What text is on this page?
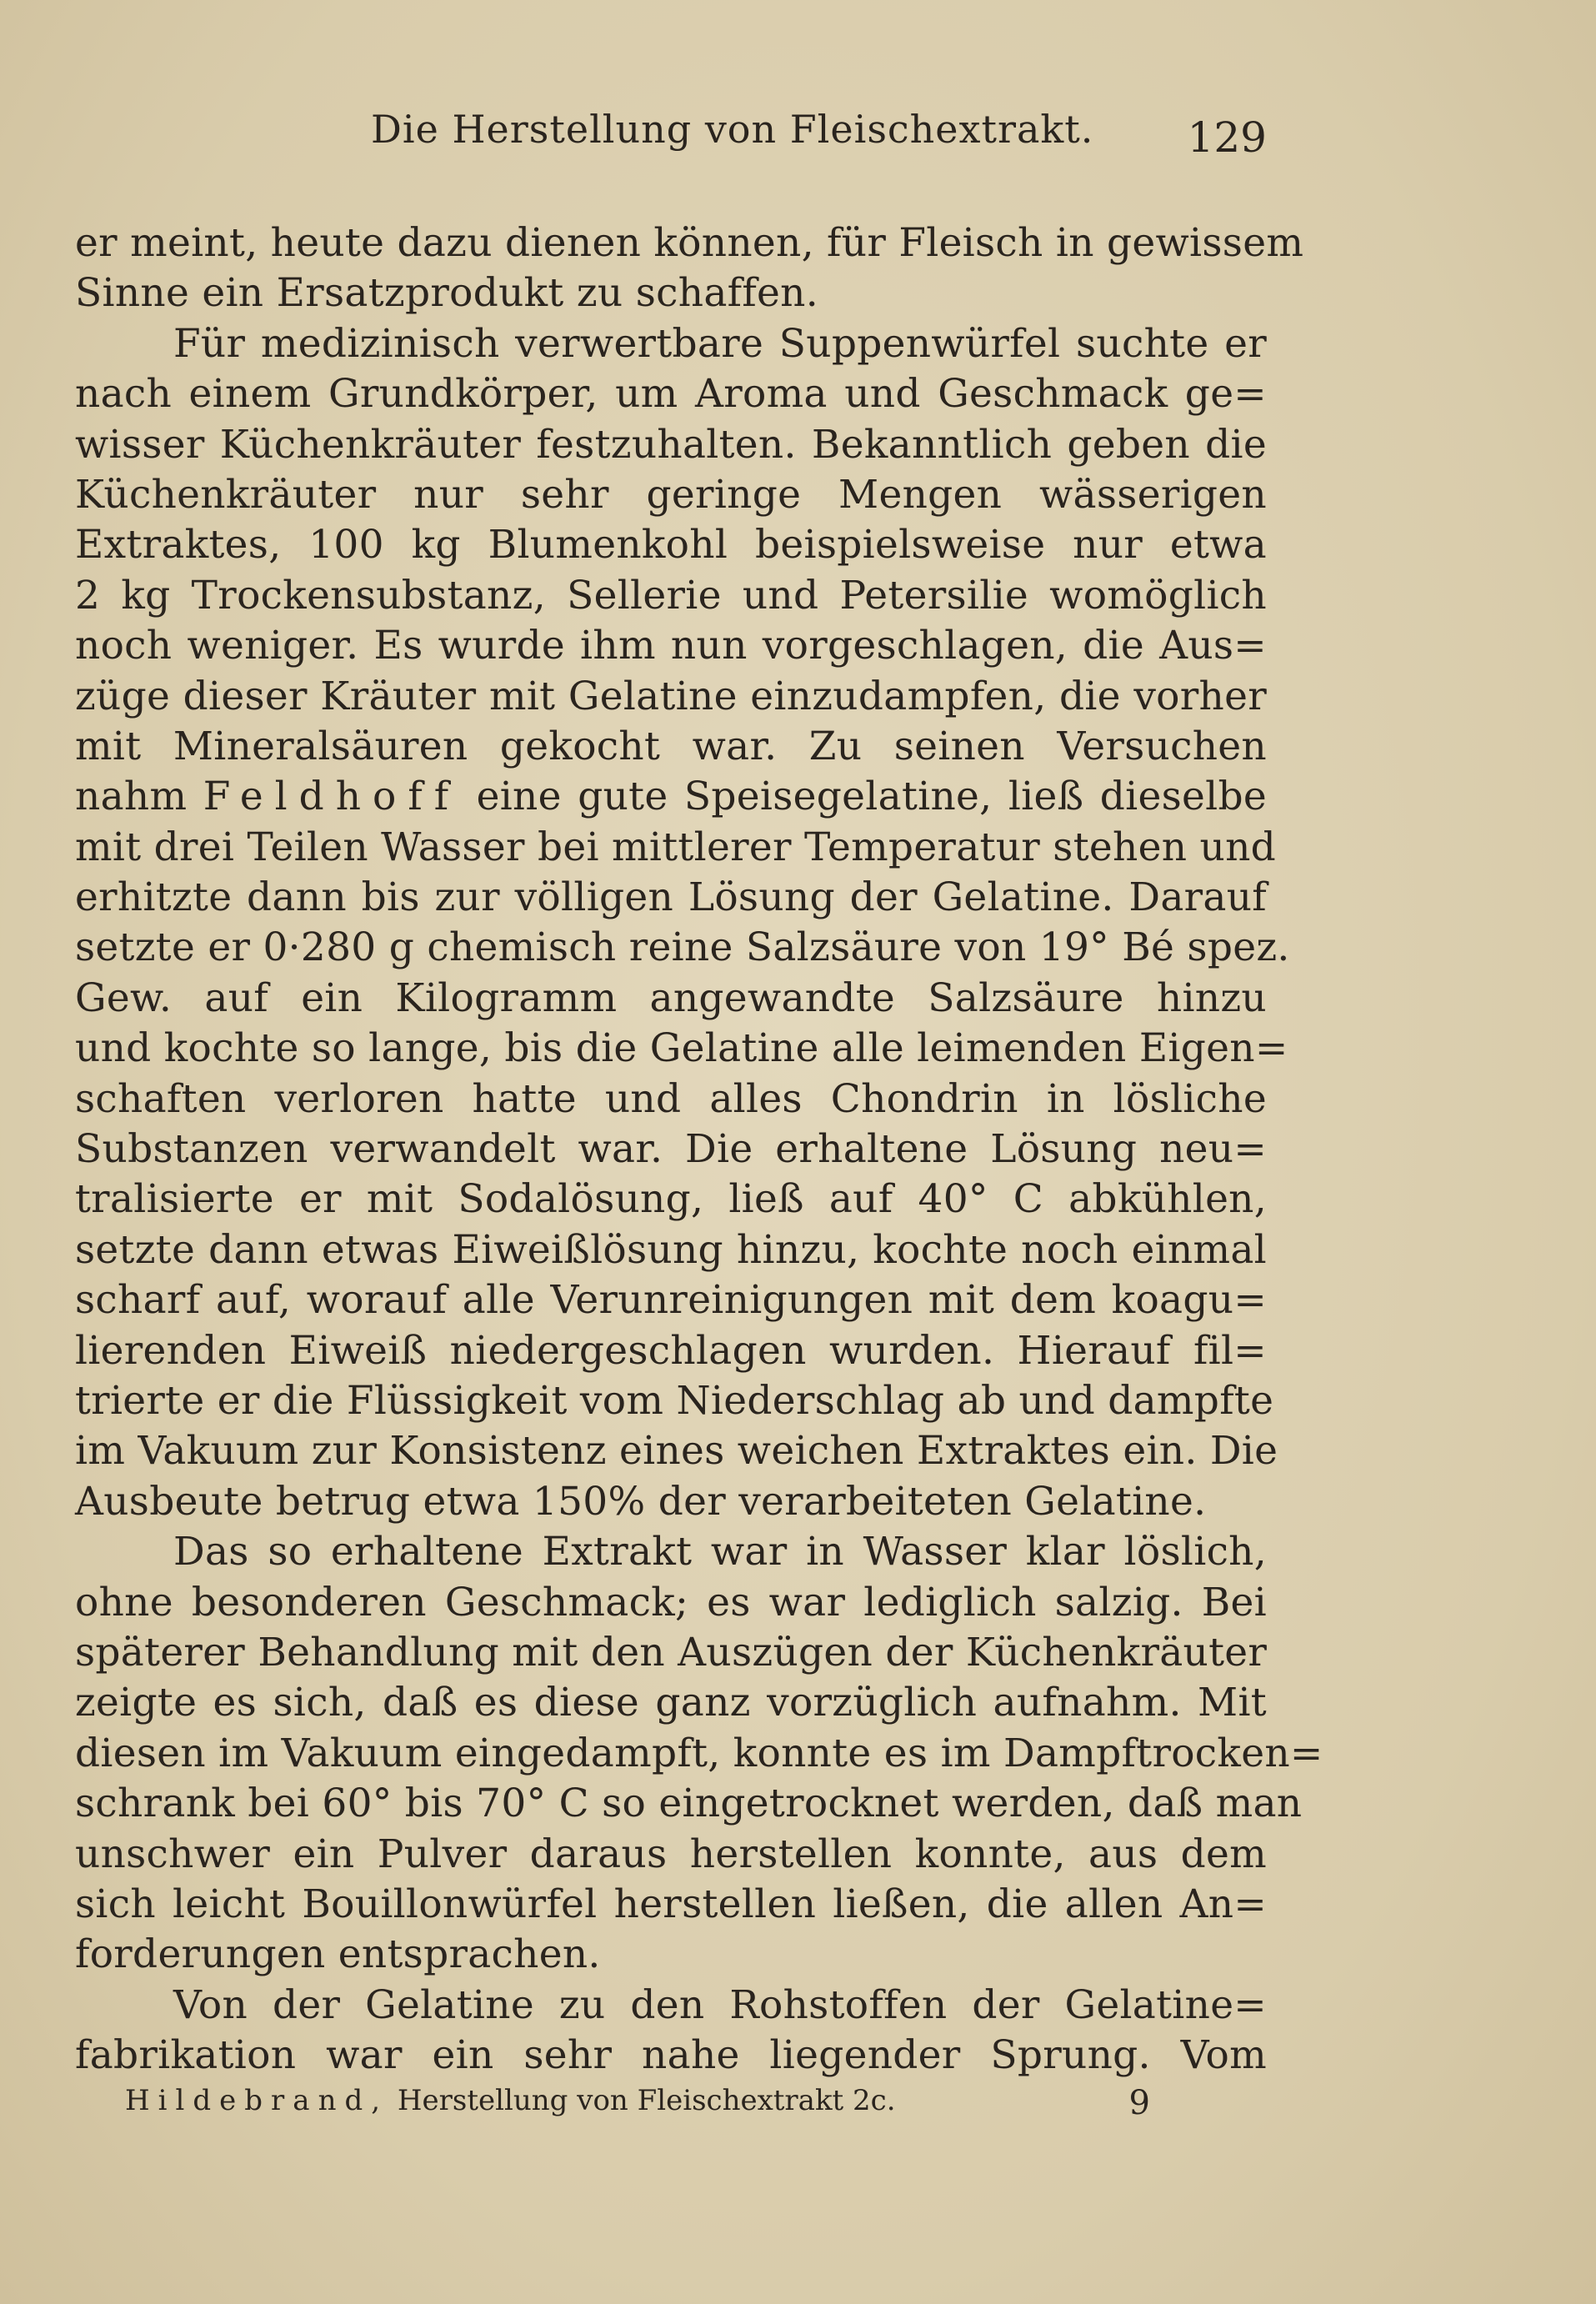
Die Herstellung von Fleischextrakt. 129
er meint, heute dazu dienen können, für Fleisch in gewissem
Sinne ein Ersatzprodukt zu schaffen.
Für medizinisch verwertbare Suppenwürfel suchte er
nach einem Grundkörper, um Aroma und Geschmack ge=
wisser Küchenkräuter festzuhalten. Bekanntlich geben die
Küchenkräuter nur sehr geringe Mengen wässerigen
Extraktes, 100 kg Blumenkohl beispielsweise nur etwa
2 kg Trockensubstanz, Sellerie und Petersilie womöglich
noch weniger. Es wurde ihm nun vorgeschlagen, die Aus=
züge dieser Kräuter mit Gelatine einzudampfen, die vorher
mit Mineralsäuren gekocht war. Zu seinen Versuchen
nahm Feldhoff eine gute Speisegelatine, ließ dieselbe
mit drei Teilen Wasser bei mittlerer Temperatur stehen und
erhitzte dann bis zur völligen Lösung der Gelatine. Darauf
setzte er 0·280 g chemisch reine Salzsäure von 19° Bé spez.
Gew. auf ein Kilogramm angewandte Salzsäure hinzu
und kochte so lange, bis die Gelatine alle leimenden Eigen=
schaften verloren hatte und alles Chondrin in lösliche
Substanzen verwandelt war. Die erhaltene Lösung neu=
tralisierte er mit Sodalösung, ließ auf 40° C abkühlen,
setzte dann etwas Eiweißlösung hinzu, kochte noch einmal
scharf auf, worauf alle Verunreinigungen mit dem koagu=
lierenden Eiweiß niedergeschlagen wurden. Hierauf fil=
trierte er die Flüssigkeit vom Niederschlag ab und dampfte
im Vakuum zur Konsistenz eines weichen Extraktes ein. Die
Ausbeute betrug etwa 150% der verarbeiteten Gelatine.
Das so erhaltene Extrakt war in Wasser klar löslich,
ohne besonderen Geschmack; es war lediglich salzig. Bei
späterer Behandlung mit den Auszügen der Küchenkräuter
zeigte es sich, daß es diese ganz vorzüglich aufnahm. Mit
diesen im Vakuum eingedampft, konnte es im Dampftrocken=
schrank bei 60° bis 70° C so eingetrocknet werden, daß man
unschwer ein Pulver daraus herstellen konnte, aus dem
sich leicht Bouillonwürfel herstellen ließen, die allen An=
forderungen entsprachen.
Von der Gelatine zu den Rohstoffen der Gelatine=
fabrikation war ein sehr nahe liegender Sprung. Vom
Hildebrand, Herstellung von Fleischextrakt 2c.	9
